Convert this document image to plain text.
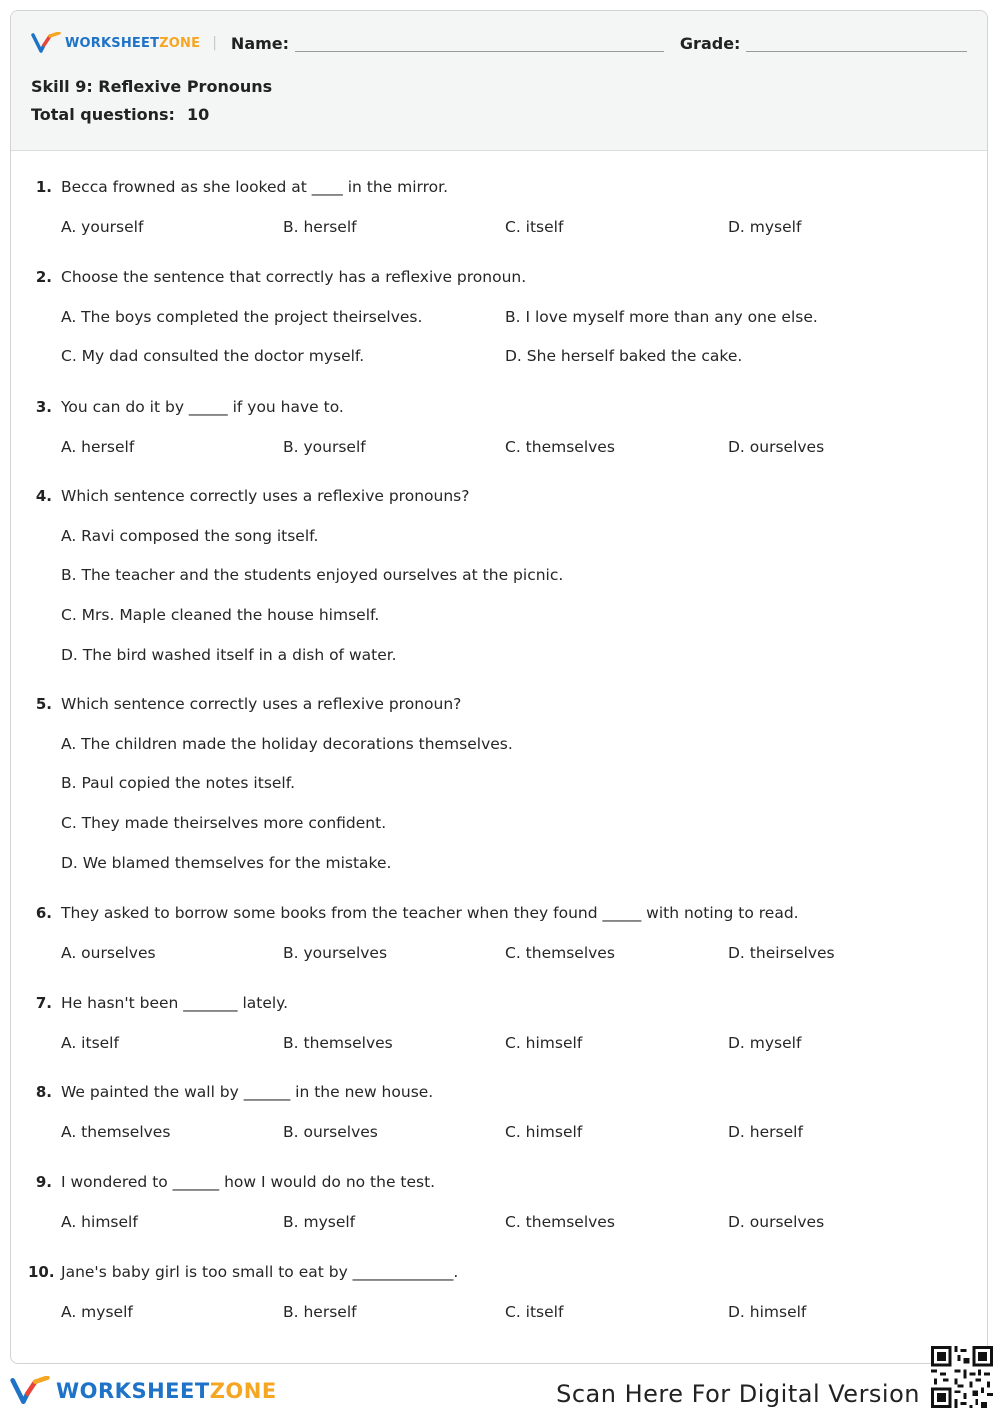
WORKSHEETZONE | Name:	Grade:
Skill 9: Reflexive Pronouns
Total questions: 10
1. Becca frowned as she looked at ____ in the mirror.
A. yourself	B. herself	C. itself	D. myself
2. Choose the sentence that correctly has a reflexive pronoun.
A. The boys completed the project theirselves.	B. I love myself more than any one else.
C. My dad consulted the doctor myself.	D. She herself baked the cake.
3. You can do it by _____ if you have to.
A. herself	B. yourself	C. themselves	D. ourselves
4. Which sentence correctly uses a reflexive pronouns?
A. Ravi composed the song itself.
B. The teacher and the students enjoyed ourselves at the picnic.
C. Mrs. Maple cleaned the house himself.
D. The bird washed itself in a dish of water.
5. Which sentence correctly uses a reflexive pronoun?
A. The children made the holiday decorations themselves.
B. Paul copied the notes itself.
C. They made theirselves more confident.
D. We blamed themselves for the mistake.
6. They asked to borrow some books from the teacher when they found _____ with noting to read.
A. ourselves	B. yourselves	C. themselves	D. theirselves
7. He hasn't been _______ lately.
A. itself	B. themselves	C. himself	D. myself
8. We painted the wall by ______ in the new house.
A. themselves	B. ourselves	C. himself	D. herself
9. I wondered to ______ how I would do no the test.
A. himself	B. myself	C. themselves	D. ourselves
10. Jane's baby girl is too small to eat by _____________.
A. myself	B. herself	C. itself	D. himself
WORKSHEETZONE	Scan Here For Digital Version
